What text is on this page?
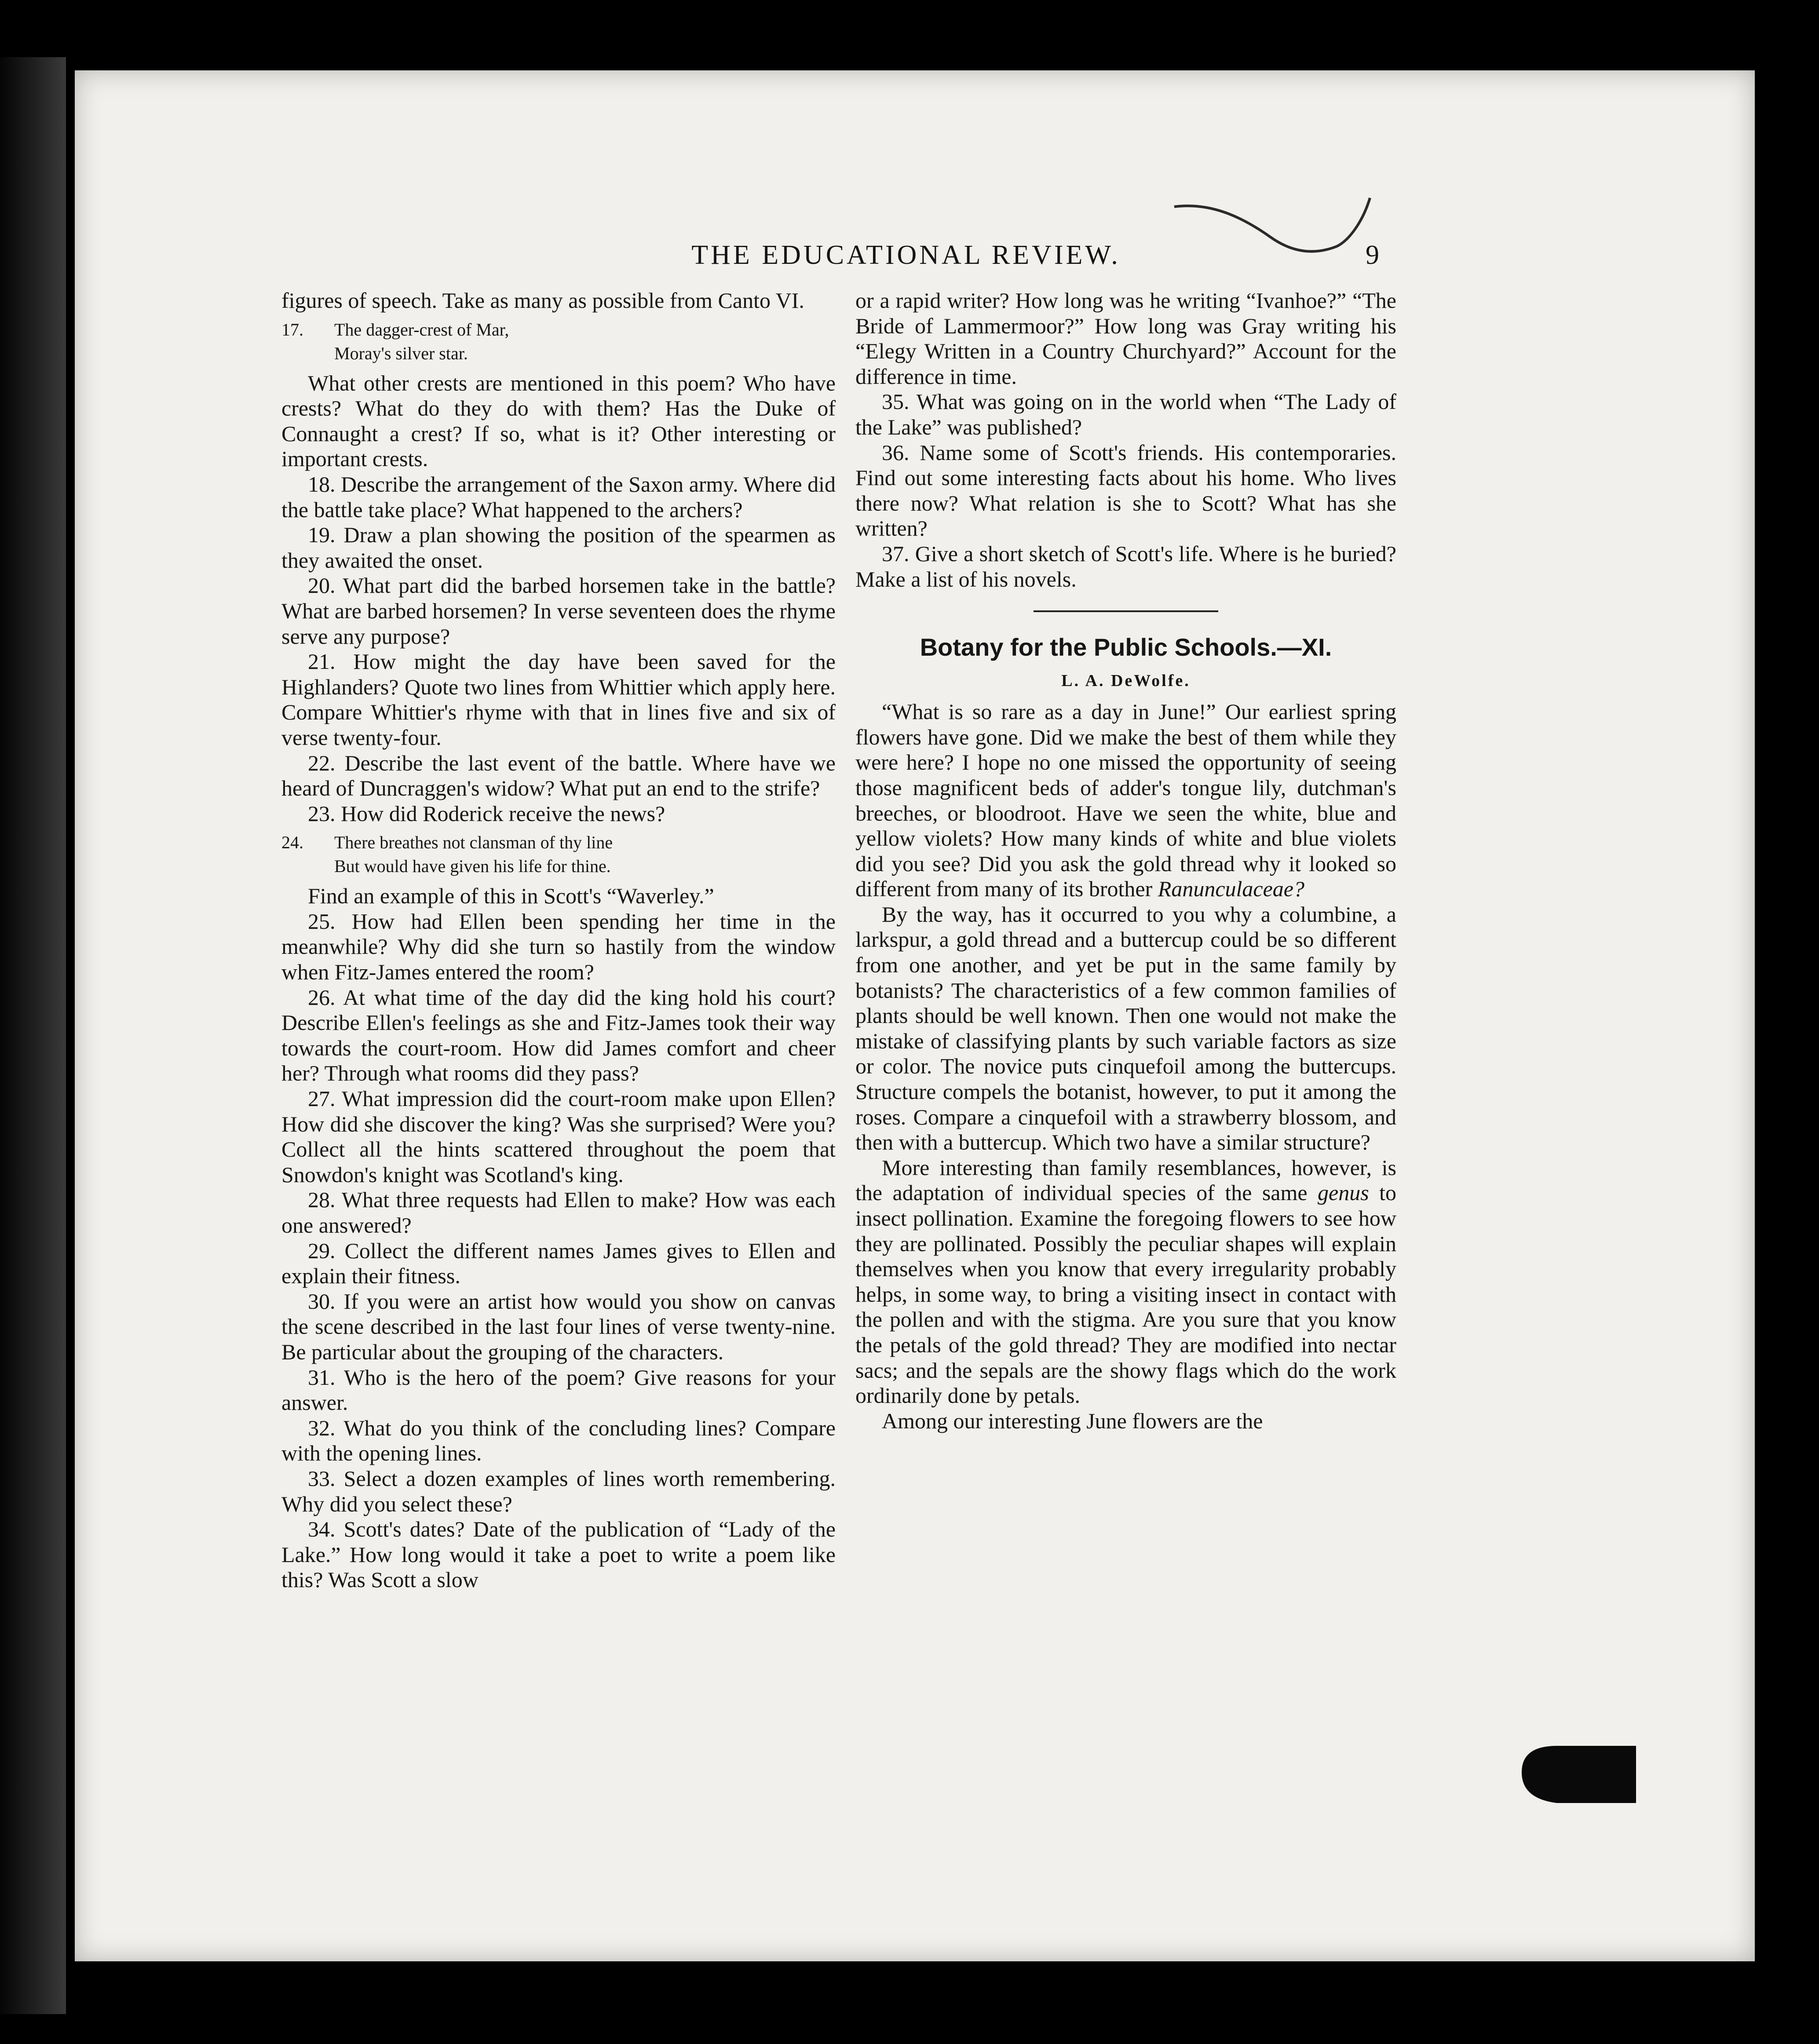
THE EDUCATIONAL REVIEW.	9

figures of speech. Take as many as possible from Canto VI.

17. The dagger-crest of Mar,
Moray's silver star.

What other crests are mentioned in this poem? Who have crests? What do they do with them? Has the Duke of Connaught a crest? If so, what is it? Other interesting or important crests.

18. Describe the arrangement of the Saxon army. Where did the battle take place? What happened to the archers?

19. Draw a plan showing the position of the spearmen as they awaited the onset.

20. What part did the barbed horsemen take in the battle? What are barbed horsemen? In verse seventeen does the rhyme serve any purpose?

21. How might the day have been saved for the Highlanders? Quote two lines from Whittier which apply here. Compare Whittier's rhyme with that in lines five and six of verse twenty-four.

22. Describe the last event of the battle. Where have we heard of Duncraggen's widow? What put an end to the strife?

23. How did Roderick receive the news?

24. There breathes not clansman of thy line
But would have given his life for thine.

Find an example of this in Scott's “Waverley.”

25. How had Ellen been spending her time in the meanwhile? Why did she turn so hastily from the window when Fitz-James entered the room?

26. At what time of the day did the king hold his court? Describe Ellen's feelings as she and Fitz-James took their way towards the court-room. How did James comfort and cheer her? Through what rooms did they pass?

27. What impression did the court-room make upon Ellen? How did she discover the king? Was she surprised? Were you? Collect all the hints scattered throughout the poem that Snowdon's knight was Scotland's king.

28. What three requests had Ellen to make? How was each one answered?

29. Collect the different names James gives to Ellen and explain their fitness.

30. If you were an artist how would you show on canvas the scene described in the last four lines of verse twenty-nine. Be particular about the grouping of the characters.

31. Who is the hero of the poem? Give reasons for your answer.

32. What do you think of the concluding lines? Compare with the opening lines.

33. Select a dozen examples of lines worth remembering. Why did you select these?

34. Scott's dates? Date of the publication of “Lady of the Lake.” How long would it take a poet to write a poem like this? Was Scott a slow

or a rapid writer? How long was he writing “Ivanhoe?” “The Bride of Lammermoor?” How long was Gray writing his “Elegy Written in a Country Churchyard?” Account for the difference in time.

35. What was going on in the world when “The Lady of the Lake” was published?

36. Name some of Scott's friends. His contemporaries. Find out some interesting facts about his home. Who lives there now? What relation is she to Scott? What has she written?

37. Give a short sketch of Scott's life. Where is he buried? Make a list of his novels.

Botany for the Public Schools.—XI.
L. A. DeWolfe.

“What is so rare as a day in June!” Our earliest spring flowers have gone. Did we make the best of them while they were here? I hope no one missed the opportunity of seeing those magnificent beds of adder's tongue lily, dutchman's breeches, or bloodroot. Have we seen the white, blue and yellow violets? How many kinds of white and blue violets did you see? Did you ask the gold thread why it looked so different from many of its brother Ranunculaceae?

By the way, has it occurred to you why a columbine, a larkspur, a gold thread and a buttercup could be so different from one another, and yet be put in the same family by botanists? The characteristics of a few common families of plants should be well known. Then one would not make the mistake of classifying plants by such variable factors as size or color. The novice puts cinquefoil among the buttercups. Structure compels the botanist, however, to put it among the roses. Compare a cinquefoil with a strawberry blossom, and then with a buttercup. Which two have a similar structure?

More interesting than family resemblances, however, is the adaptation of individual species of the same genus to insect pollination. Examine the foregoing flowers to see how they are pollinated. Possibly the peculiar shapes will explain themselves when you know that every irregularity probably helps, in some way, to bring a visiting insect in contact with the pollen and with the stigma. Are you sure that you know the petals of the gold thread? They are modified into nectar sacs; and the sepals are the showy flags which do the work ordinarily done by petals.

Among our interesting June flowers are the
